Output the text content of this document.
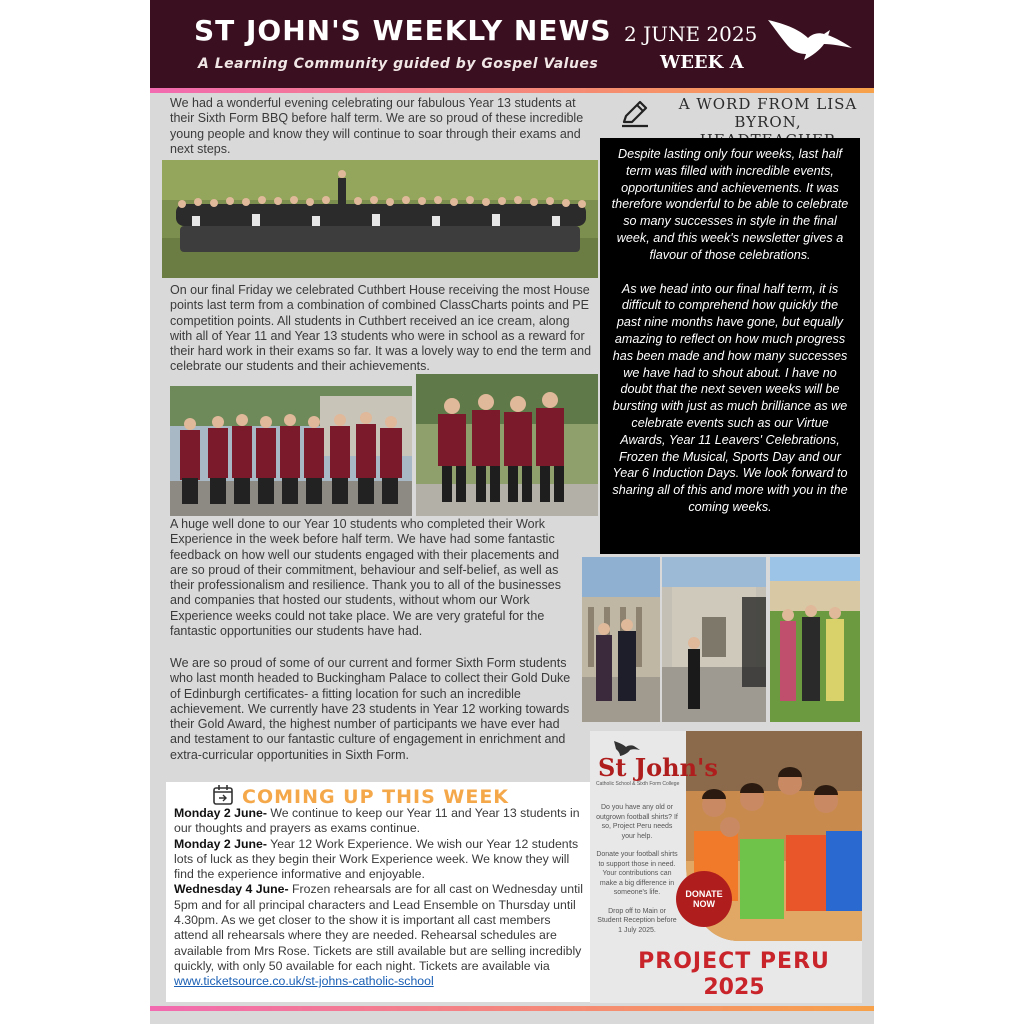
ST JOHN'S WEEKLY NEWS
A Learning Community guided by Gospel Values
2 JUNE 2025
WEEK A
We had a wonderful evening celebrating our fabulous Year 13 students at their Sixth Form BBQ before half term. We are so proud of these incredible young people and know they will continue to soar through their exams and next steps.
On our final Friday we celebrated Cuthbert House receiving the most House points last term from a combination of combined ClassCharts points and PE competition points. All students in Cuthbert received an ice cream, along with all of Year 11 and Year 13 students who were in school as a reward for their hard work in their exams so far. It was a lovely way to end the term and celebrate our students and their achievements.
A huge well done to our Year 10 students who completed their Work Experience in the week before half term. We have had some fantastic feedback on how well our students engaged with their placements and are so proud of their commitment, behaviour and self-belief, as well as their professionalism and resilience. Thank you to all of the businesses and companies that hosted our students, without whom our Work Experience weeks could not take place. We are very grateful for the fantastic opportunities our students have had.
We are so proud of some of our current and former Sixth Form students who last month headed to Buckingham Palace to collect their Gold Duke of Edinburgh certificates- a fitting location for such an incredible achievement. We currently have 23 students in Year 12 working towards their Gold Award, the highest number of participants we have ever had and testament to our fantastic culture of engagement in enrichment and extra-curricular opportunities in Sixth Form.
A WORD FROM LISA BYRON,

Despite lasting only four weeks, last half term was filled with incredible events, opportunities and achievements. It was therefore wonderful to be able to celebrate so many successes in style in the final week, and this week's newsletter gives a flavour of those celebrations.

As we head into our final half term, it is difficult to comprehend how quickly the past nine months have gone, but equally amazing to reflect on how much progress has been made and how many successes we have had to shout about. I have no doubt that the next seven weeks will be bursting with just as much brilliance as we celebrate events such as our Virtue Awards, Year 11 Leavers' Celebrations, Frozen the Musical, Sports Day and our Year 6 Induction Days. We look forward to sharing all of this and more with you in the coming weeks.

COMING UP THIS WEEK
Monday 2 June- We continue to keep our Year 11 and Year 13 students in our thoughts and prayers as exams continue.
Monday 2 June- Year 12 Work Experience. We wish our Year 12 students lots of luck as they begin their Work Experience week. We know they will find the experience informative and enjoyable.
Wednesday 4 June- Frozen rehearsals are for all cast on Wednesday until 5pm and for all principal characters and Lead Ensemble on Thursday until 4.30pm. As we get closer to the show it is important all cast members attend all rehearsals where they are needed. Rehearsal schedules are available from Mrs Rose. Tickets are still available but are selling incredibly quickly, with only 50 available for each night. Tickets are available via
www.ticketsource.co.uk/st-johns-catholic-school
St John's
Catholic School & Sixth Form College

Do you have any old or outgrown football shirts? If so, Project Peru needs your help.

Donate your football shirts to support those in need. Your contributions can make a big difference in someone's life.

Drop off to Main or Student Reception before 1 July 2025.

DONATE NOW
PROJECT PERU
2025
